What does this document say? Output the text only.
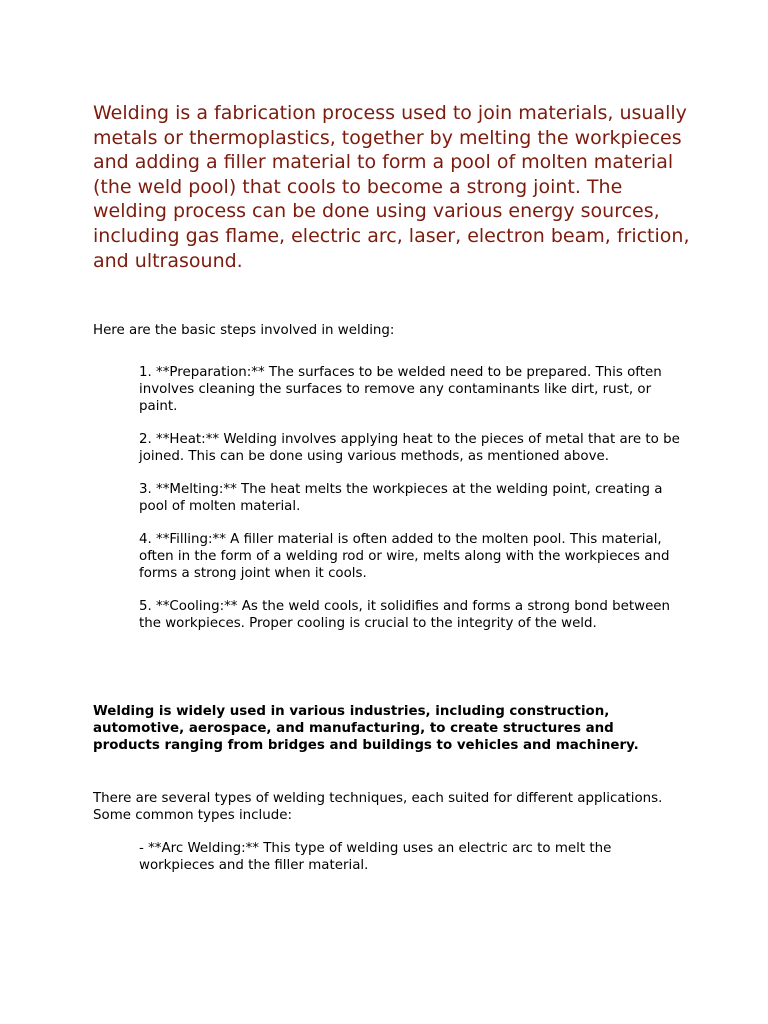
Welding is a fabrication process used to join materials, usually metals or thermoplastics, together by melting the workpieces and adding a filler material to form a pool of molten material (the weld pool) that cools to become a strong joint. The welding process can be done using various energy sources, including gas flame, electric arc, laser, electron beam, friction, and ultrasound.

Here are the basic steps involved in welding:

1. **Preparation:** The surfaces to be welded need to be prepared. This often involves cleaning the surfaces to remove any contaminants like dirt, rust, or paint.
2. **Heat:** Welding involves applying heat to the pieces of metal that are to be joined. This can be done using various methods, as mentioned above.
3. **Melting:** The heat melts the workpieces at the welding point, creating a pool of molten material.
4. **Filling:** A filler material is often added to the molten pool. This material, often in the form of a welding rod or wire, melts along with the workpieces and forms a strong joint when it cools.
5. **Cooling:** As the weld cools, it solidifies and forms a strong bond between the workpieces. Proper cooling is crucial to the integrity of the weld.

Welding is widely used in various industries, including construction, automotive, aerospace, and manufacturing, to create structures and products ranging from bridges and buildings to vehicles and machinery.

There are several types of welding techniques, each suited for different applications. Some common types include:

- **Arc Welding:** This type of welding uses an electric arc to melt the workpieces and the filler material.
